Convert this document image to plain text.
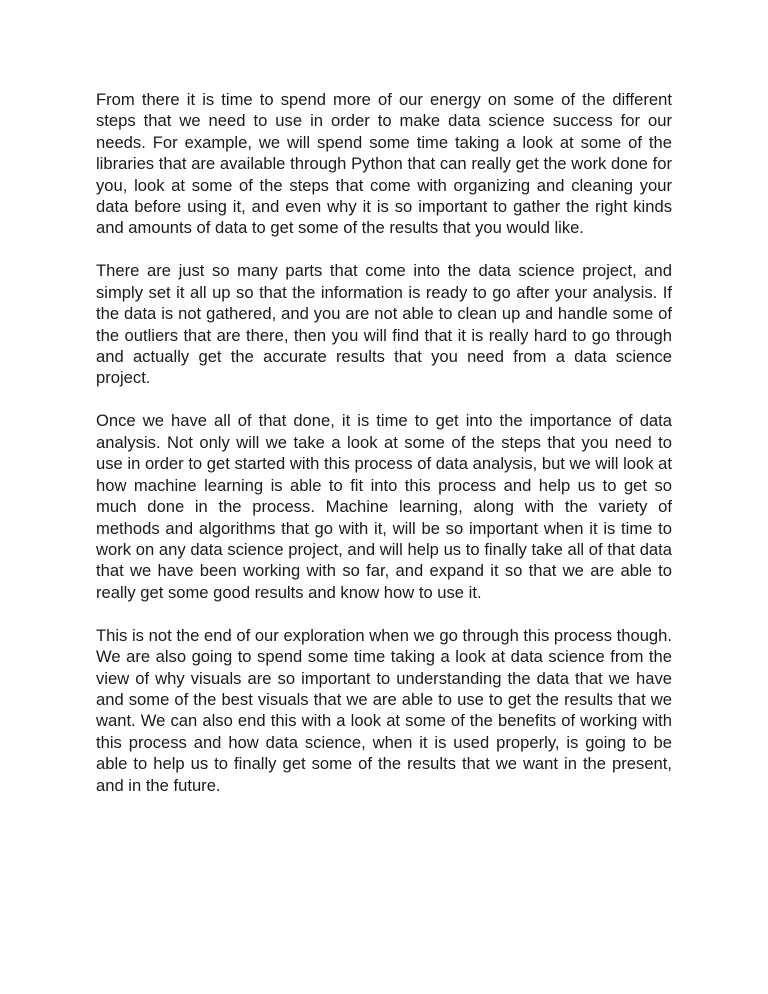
From there it is time to spend more of our energy on some of the different steps that we need to use in order to make data science success for our needs. For example, we will spend some time taking a look at some of the libraries that are available through Python that can really get the work done for you, look at some of the steps that come with organizing and cleaning your data before using it, and even why it is so important to gather the right kinds and amounts of data to get some of the results that you would like.

There are just so many parts that come into the data science project, and simply set it all up so that the information is ready to go after your analysis. If the data is not gathered, and you are not able to clean up and handle some of the outliers that are there, then you will find that it is really hard to go through and actually get the accurate results that you need from a data science project.

Once we have all of that done, it is time to get into the importance of data analysis. Not only will we take a look at some of the steps that you need to use in order to get started with this process of data analysis, but we will look at how machine learning is able to fit into this process and help us to get so much done in the process. Machine learning, along with the variety of methods and algorithms that go with it, will be so important when it is time to work on any data science project, and will help us to finally take all of that data that we have been working with so far, and expand it so that we are able to really get some good results and know how to use it.

This is not the end of our exploration when we go through this process though. We are also going to spend some time taking a look at data science from the view of why visuals are so important to understanding the data that we have and some of the best visuals that we are able to use to get the results that we want. We can also end this with a look at some of the benefits of working with this process and how data science, when it is used properly, is going to be able to help us to finally get some of the results that we want in the present, and in the future.
